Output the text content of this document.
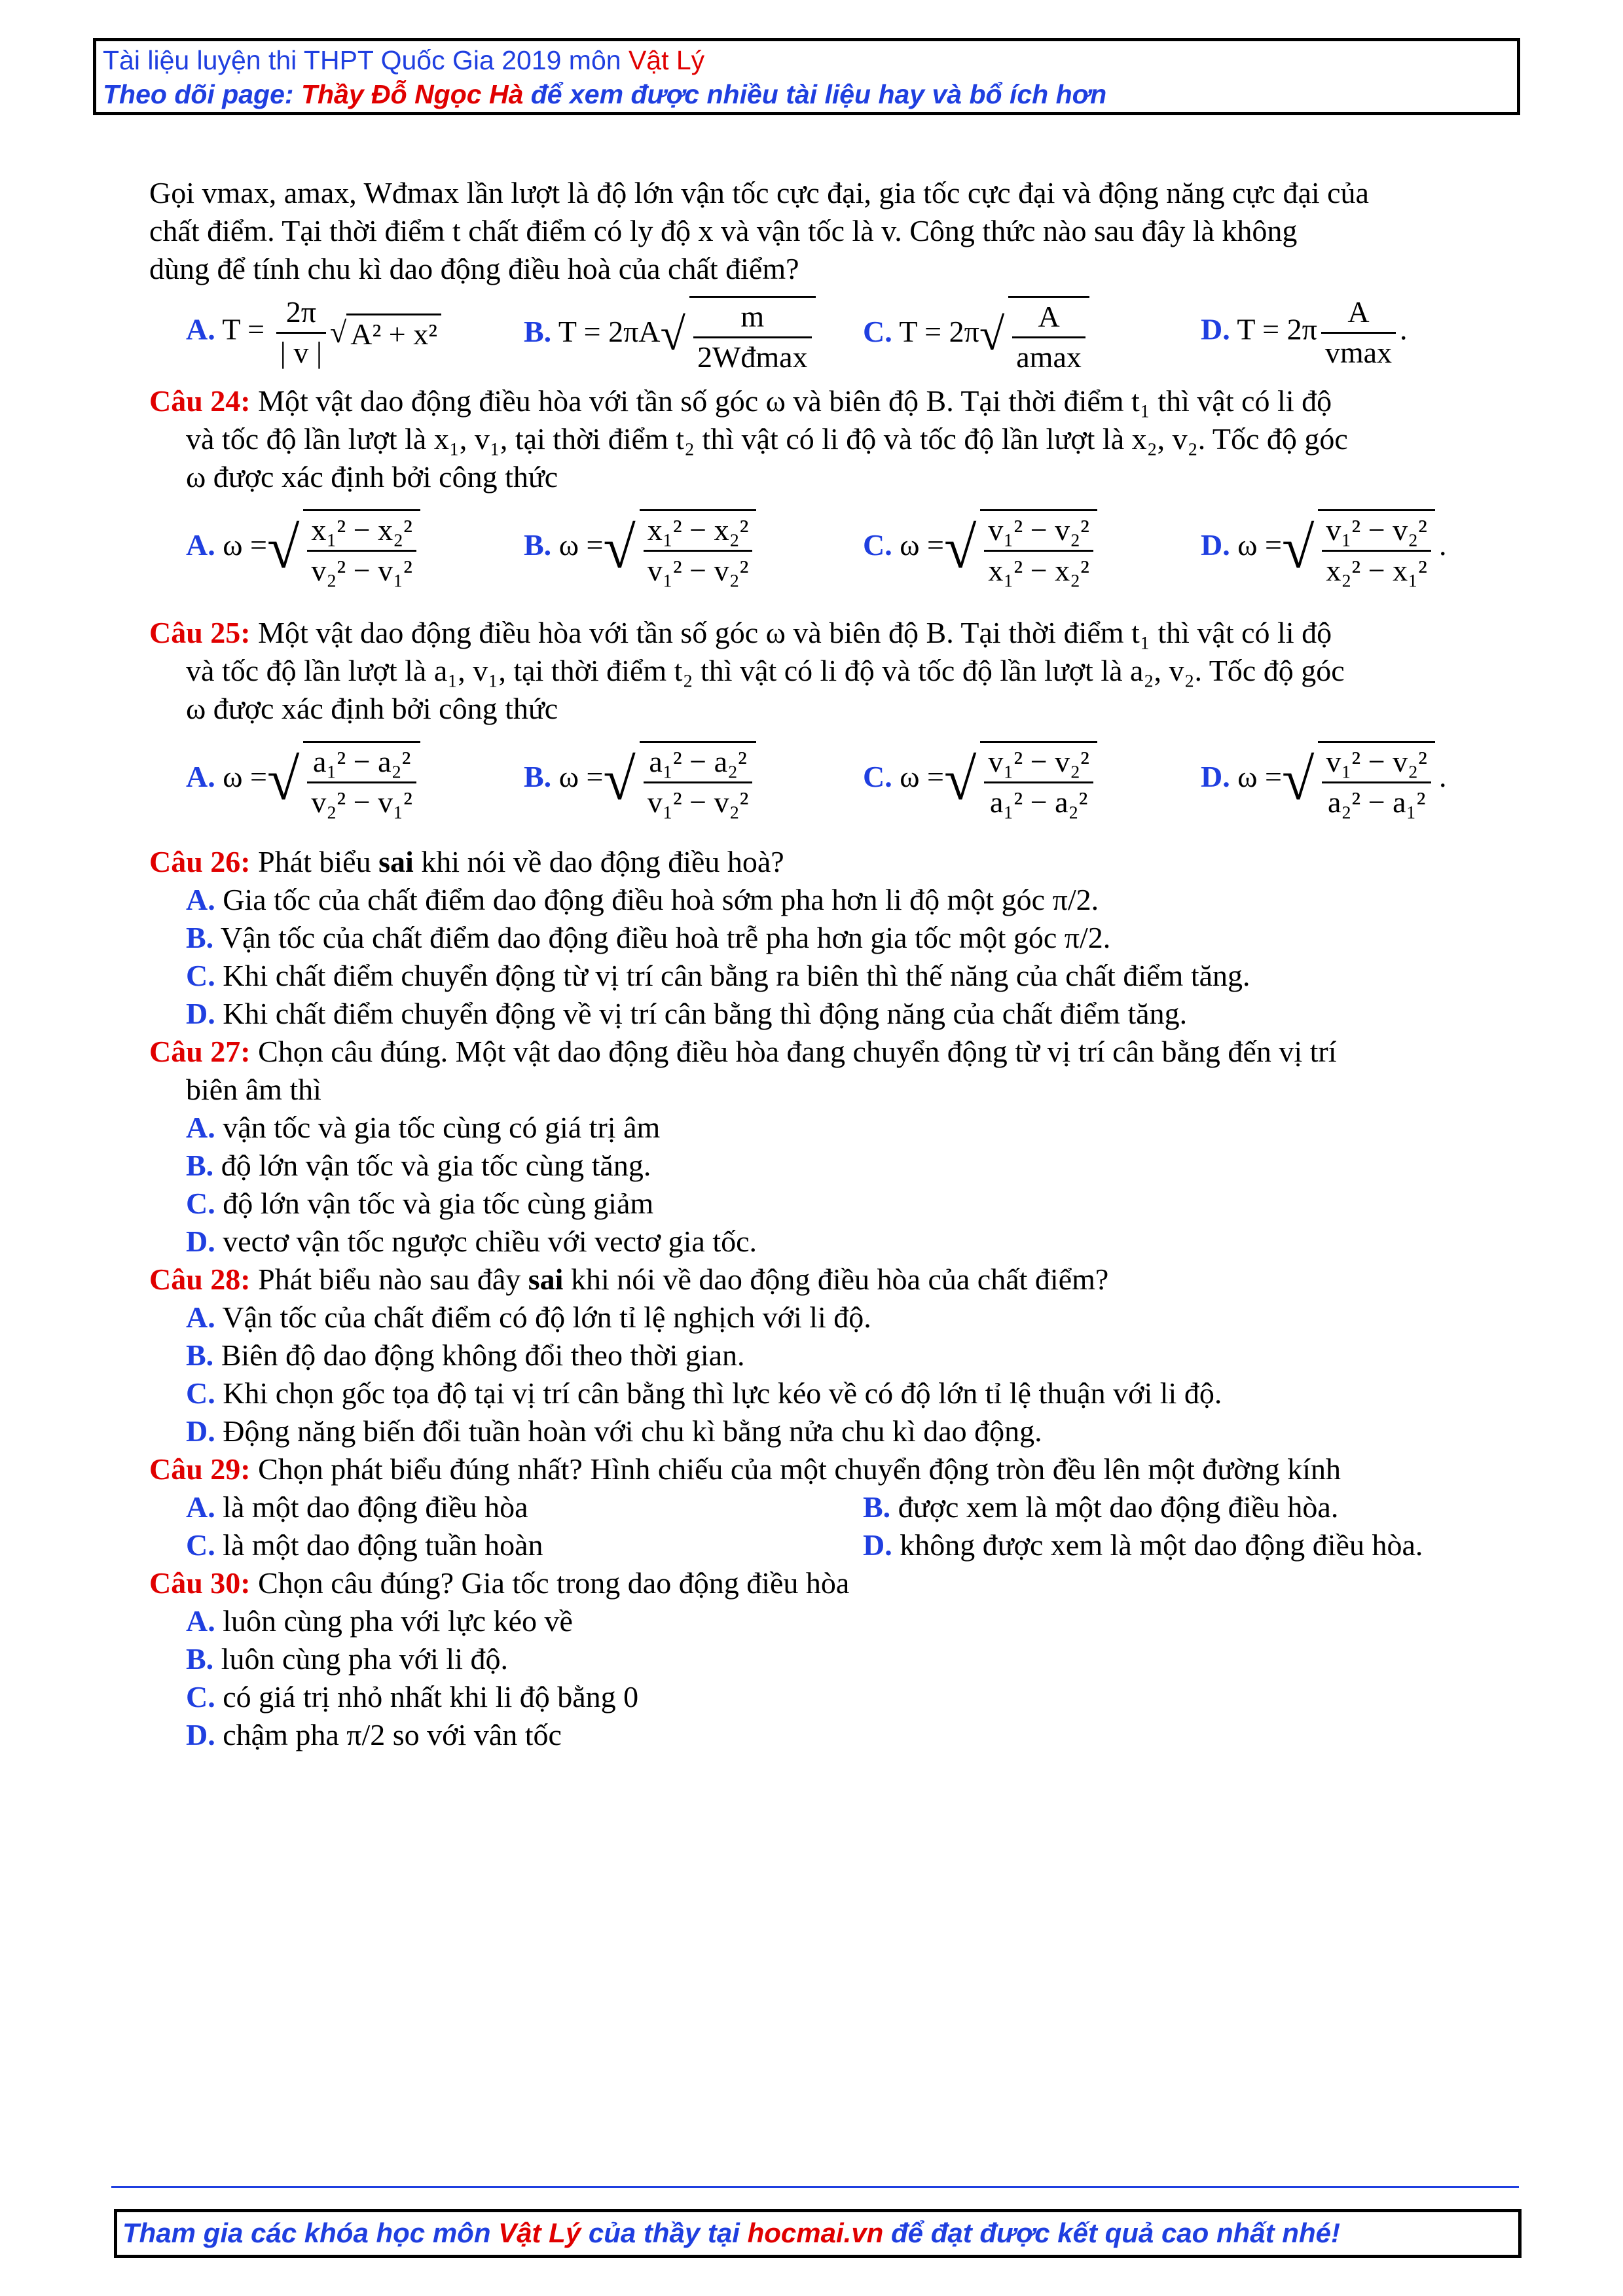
Tài liệu luyện thi THPT Quốc Gia 2019 môn Vật Lý
Theo dõi page: Thầy Đỗ Ngọc Hà để xem được nhiều tài liệu hay và bổ ích hơn
Gọi vmax, amax, Wđmax lần lượt là độ lớn vận tốc cực đại, gia tốc cực đại và động năng cực đại của
chất điểm. Tại thời điểm t chất điểm có ly độ x và vận tốc là v. Công thức nào sau đây là không
dùng để tính chu kì dao động điều hoà của chất điểm?
A. $T = \frac{2\pi}{| v |}$ √ A² + x²	B. $T = 2\pi A√ \frac{m}{2Wđ\max} C$. $T = 2\pi√ \frac{A}{amax}$	D. $T = 2\pi \frac{A}{vmax}$ .
Câu 24: Một vật dao động điều hòa với tần số góc ω và biên độ B. Tại thời điểm t₁ thì vật có li độ
và tốc độ lần lượt là x₁, v₁, tại thời điểm t₂ thì vật có li độ và tốc độ lần lượt là x₂, v₂. Tốc độ góc
ω được xác định bởi công thức
A. ω =√ $\frac{\text{x₁² − x₂²}}{\text{v₂² − v₁²}}$	B. ω =√ $\frac{\text{x₁² − x₂²}}{\text{v₁² − v₂²}}$	C. ω =√ $\frac{\text{v₁² − v₂²}}{\text{x₁² − x₂²}}$	D. ω =√ $\frac{\text{v₁² − v₂²}}{\text{x₂² − x₁²}}$ .
Câu 25: Một vật dao động điều hòa với tần số góc ω và biên độ B. Tại thời điểm t₁ thì vật có li độ
và tốc độ lần lượt là a₁, v₁, tại thời điểm t₂ thì vật có li độ và tốc độ lần lượt là a₂, v₂. Tốc độ góc
ω được xác định bởi công thức
A. ω =√ $\frac{\text{a₁² − a₂²}}{\text{v₂² − v₁²}}$	B. ω =√ $\frac{\text{a₁² − a₂²}}{\text{v₁² − v₂²}}$	C. ω =√ $\frac{\text{v₁² − v₂²}}{\text{a₁² − a₂²}}$	D. ω =√ $\frac{\text{v₁² − v₂²}}{\text{a₂² − a₁²}}$ .
Câu 26: Phát biểu sai khi nói về dao động điều hoà?
A. Gia tốc của chất điểm dao động điều hoà sớm pha hơn li độ một góc π/2.
B. Vận tốc của chất điểm dao động điều hoà trễ pha hơn gia tốc một góc π/2.
C. Khi chất điểm chuyển động từ vị trí cân bằng ra biên thì thế năng của chất điểm tăng.
D. Khi chất điểm chuyển động về vị trí cân bằng thì động năng của chất điểm tăng.
Câu 27: Chọn câu đúng. Một vật dao động điều hòa đang chuyển động từ vị trí cân bằng đến vị trí
biên âm thì
A. vận tốc và gia tốc cùng có giá trị âm
B. độ lớn vận tốc và gia tốc cùng tăng.
C. độ lớn vận tốc và gia tốc cùng giảm
D. vectơ vận tốc ngược chiều với vectơ gia tốc.
Câu 28: Phát biểu nào sau đây sai khi nói về dao động điều hòa của chất điểm?
A. Vận tốc của chất điểm có độ lớn tỉ lệ nghịch với li độ.
B. Biên độ dao động không đổi theo thời gian.
C. Khi chọn gốc tọa độ tại vị trí cân bằng thì lực kéo về có độ lớn tỉ lệ thuận với li độ.
D. Động năng biến đổi tuần hoàn với chu kì bằng nửa chu kì dao động.
Câu 29: Chọn phát biểu đúng nhất? Hình chiếu của một chuyển động tròn đều lên một đường kính
A. là một dao động điều hòa	B. được xem là một dao động điều hòa.
C. là một dao động tuần hoàn	D. không được xem là một dao động điều hòa.
Câu 30: Chọn câu đúng? Gia tốc trong dao động điều hòa
A. luôn cùng pha với lực kéo về
B. luôn cùng pha với li độ.
C. có giá trị nhỏ nhất khi li độ bằng 0
D. chậm pha π/2 so với vân tốc
Tham gia các khóa học môn Vật Lý của thầy tại hocmai.vn để đạt được kết quả cao nhất nhé!
